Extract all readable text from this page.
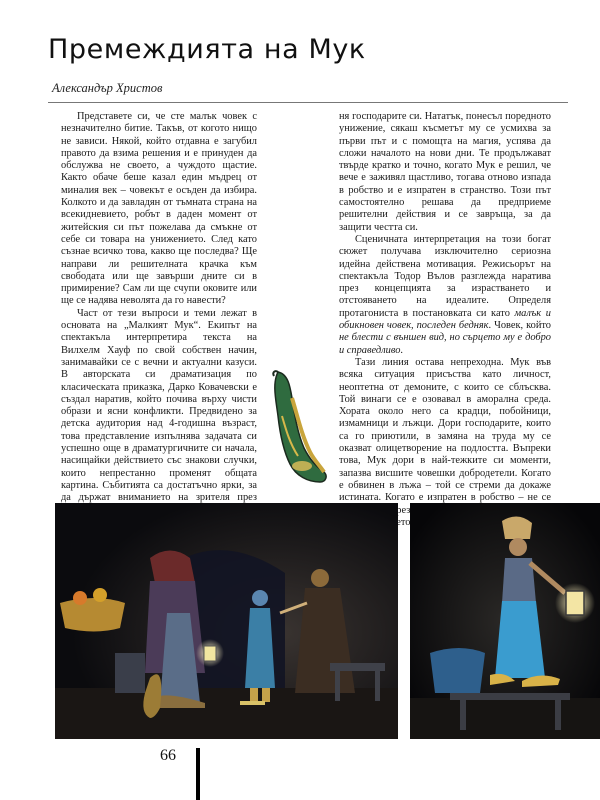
Премеждията на Мук
Александър Христов

Представете си, че сте малък човек с незначително битие. Такъв, от когото нищо не зависи. Някой, който отдавна е загубил правото да взима решения и е принуден да обслужва не своето, а чуждото щастие. Както обаче беше казал един мъдрец от миналия век – човекът е осъден да избира. Колкото и да завладян от тъмната страна на всекидневието, робът в даден момент от житейския си път пожелава да смъкне от себе си товара на унижението. След като съзнае всичко това, какво ще последва? Ще направи ли решителната крачка към свободата или ще завърши дните си в примирение? Сам ли ще счупи оковите или ще се надява неволята да го навести?

Част от тези въпроси и теми лежат в основата на „Малкият Мук“. Екипът на спектакъла интерпретира текста на Вилхелм Хауф по свой собствен начин, занимавайки се с вечни и актуални казуси. В авторската си драматизация по класическата приказка, Дарко Ковачевски е създал наратив, който почива върху чисти образи и ясни конфликти. Предвидено за детска аудитория над 4-годишна възраст, това представление изпълнява задачата си успешно още в драматургичните си начала, насищайки действието със знакови случки, които непрестанно променят общата картина. Събитията са достатъчно ярки, за да държат вниманието на зрителя през

ня господарите си. Нататък, понесъл поредното унижение, сякаш късметът му се усмихва за първи път и с помощта на магия, успява да сложи началото на нови дни. Те продължават твърде кратко и точно, когато Мук е решил, че вече е заживял щастливо, тогава отново изпада в робство и е изпратен в странство. Този път самостоятелно решава да предприеме решителни действия и се завръща, за да защити честта си.

Сценичната интерпретация на този богат сюжет получава изключително сериозна идейна действена мотивация. Режисьорът на спектакъла Тодор Вълов разглежда наратива през концепцията за израстването и отстояването на идеалите. Определя протагониста в постановката си като малък и обикновен човек, последен бедняк. Човек, който не блести с външен вид, но сърцето му е добро и справедливо.

Тази линия остава непреходна. Мук във всяка ситуация присъства като личност, неоптетна от демоните, с които се сблъсква. Той винаги се е озовавал в аморална среда. Хората около него са крадци, побойници, измамници и лъжци. Дори господарите, които са го приютили, в замяна на труда му се оказват олицетворение на подлостта. Въпреки това, Мук дори в най-тежките си моменти, запазва висшите човешки добродетели. Когато е обвинен в лъжа – той се стреми да докаже истината. Когато е изпратен в робство – не се чрез

66
